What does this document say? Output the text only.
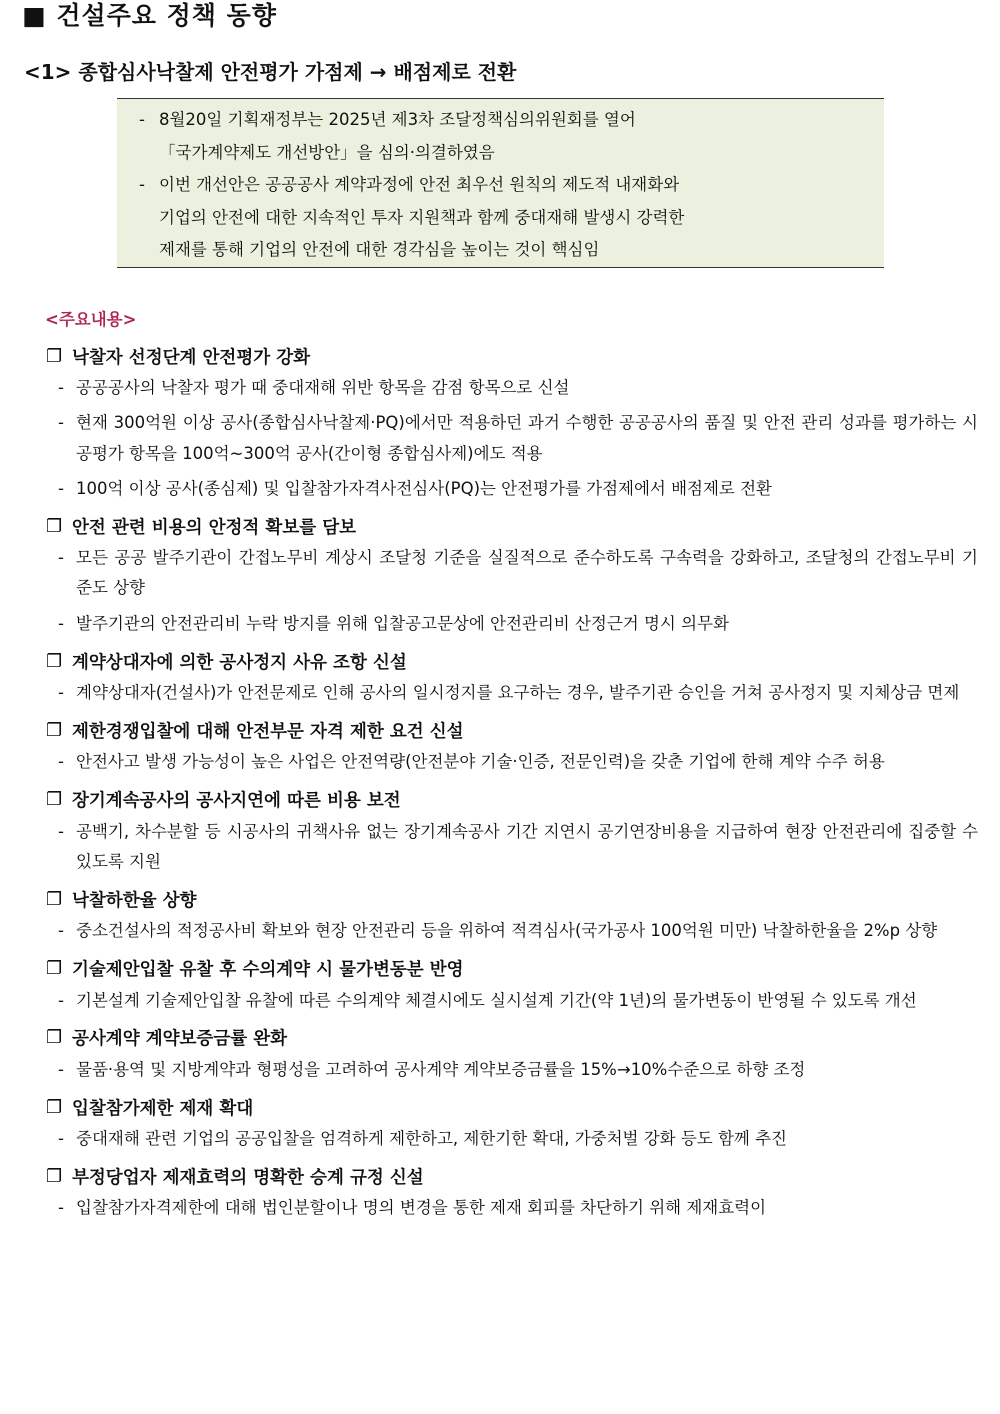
■ 건설주요 정책 동향
<1> 종합심사낙찰제 안전평가 가점제 → 배점제로 전환
- 8월20일 기획재정부는 2025년 제3차 조달정책심의위원회를 열어
「국가계약제도 개선방안」을 심의·의결하였음
- 이번 개선안은 공공공사 계약과정에 안전 최우선 원칙의 제도적 내재화와
기업의 안전에 대한 지속적인 투자 지원책과 함께 중대재해 발생시 강력한
제재를 통해 기업의 안전에 대한 경각심을 높이는 것이 핵심임
<주요내용>
❐ 낙찰자 선정단계 안전평가 강화
- 공공공사의 낙찰자 평가 때 중대재해 위반 항목을 감점 항목으로 신설
- 현재 300억원 이상 공사(종합심사낙찰제·PQ)에서만 적용하던 과거 수행한 공공공사의 품질 및 안전 관리 성과를 평가하는 시공평가 항목을 100억~300억 공사(간이형 종합심사제)에도 적용
- 100억 이상 공사(종심제) 및 입찰참가자격사전심사(PQ)는 안전평가를 가점제에서 배점제로 전환
❐ 안전 관련 비용의 안정적 확보를 담보
- 모든 공공 발주기관이 간접노무비 계상시 조달청 기준을 실질적으로 준수하도록 구속력을 강화하고, 조달청의 간접노무비 기준도 상향
- 발주기관의 안전관리비 누락 방지를 위해 입찰공고문상에 안전관리비 산정근거 명시 의무화
❐ 계약상대자에 의한 공사정지 사유 조항 신설
- 계약상대자(건설사)가 안전문제로 인해 공사의 일시정지를 요구하는 경우, 발주기관 승인을 거쳐 공사정지 및 지체상금 면제
❐ 제한경쟁입찰에 대해 안전부문 자격 제한 요건 신설
- 안전사고 발생 가능성이 높은 사업은 안전역량(안전분야 기술·인증, 전문인력)을 갖춘 기업에 한해 계약 수주 허용
❐ 장기계속공사의 공사지연에 따른 비용 보전
- 공백기, 차수분할 등 시공사의 귀책사유 없는 장기계속공사 기간 지연시 공기연장비용을 지급하여 현장 안전관리에 집중할 수 있도록 지원
❐ 낙찰하한율 상향
- 중소건설사의 적정공사비 확보와 현장 안전관리 등을 위하여 적격심사(국가공사 100억원 미만) 낙찰하한율을 2%p 상향
❐ 기술제안입찰 유찰 후 수의계약 시 물가변동분 반영
- 기본설계 기술제안입찰 유찰에 따른 수의계약 체결시에도 실시설계 기간(약 1년)의 물가변동이 반영될 수 있도록 개선
❐ 공사계약 계약보증금률 완화
- 물품·용역 및 지방계약과 형평성을 고려하여 공사계약 계약보증금률을 15%→10%수준으로 하향 조정
❐ 입찰참가제한 제재 확대
- 중대재해 관련 기업의 공공입찰을 엄격하게 제한하고, 제한기한 확대, 가중처벌 강화 등도 함께 추진
❐ 부정당업자 제재효력의 명확한 승계 규정 신설
- 입찰참가자격제한에 대해 법인분할이나 명의 변경을 통한 제재 회피를 차단하기 위해 제재효력이
